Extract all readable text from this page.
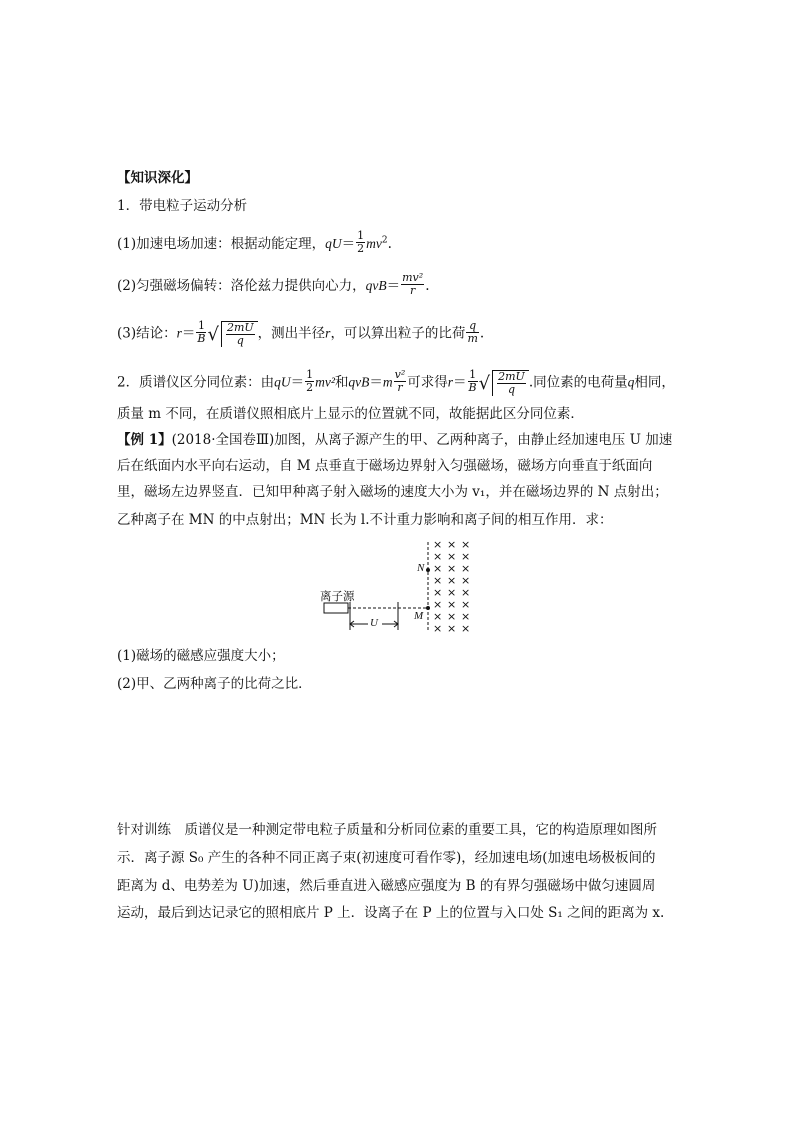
【知识深化】
1．带电粒子运动分析
(1)加速电场加速：根据动能定理，$qU= \frac{1}{2} mv^2$.
(2)匀强磁场偏转：洛伦兹力提供向心力，$qvB= \frac{\text{mv²}}{r}$ .
(3)结论：$r= \frac{1}{B}$ √ $\frac{2mU}{q}$ ，测出半径r，可以算出粒子的比荷 $\frac{q}{m}$ .
2．质谱仪区分同位素：由$qU= \frac{1}{2} mv^2$和$qvB=m \frac{\text{v²}}{r}$ 可求得$r= \frac{1}{B}$ √ $\frac{2mU}{q}$ .同位素的电荷量q相同，
质量 m 不同，在质谱仪照相底片上显示的位置就不同，故能据此区分同位素．
【例 1】(2018·全国卷Ⅲ)加图，从离子源产生的甲、乙两种离子，由静止经加速电压 U 加速
后在纸面内水平向右运动，自 M 点垂直于磁场边界射入匀强磁场，磁场方向垂直于纸面向
里，磁场左边界竖直．已知甲种离子射入磁场的速度大小为 v₁，并在磁场边界的 N 点射出；
乙种离子在 MN 的中点射出；MN 长为 l.不计重力影响和离子间的相互作用．求：
离子源
U
N
M
× × ×
× × ×
× × ×
× × ×
× × ×
× × ×
× × ×
× × ×
(1)磁场的磁感应强度大小；
(2)甲、乙两种离子的比荷之比．
针对训练　质谱仪是一种测定带电粒子质量和分析同位素的重要工具，它的构造原理如图所
示．离子源 S₀ 产生的各种不同正离子束(初速度可看作零)，经加速电场(加速电场极板间的
距离为 d、电势差为 U)加速，然后垂直进入磁感应强度为 B 的有界匀强磁场中做匀速圆周
运动，最后到达记录它的照相底片 P 上．设离子在 P 上的位置与入口处 S₁ 之间的距离为 x.
